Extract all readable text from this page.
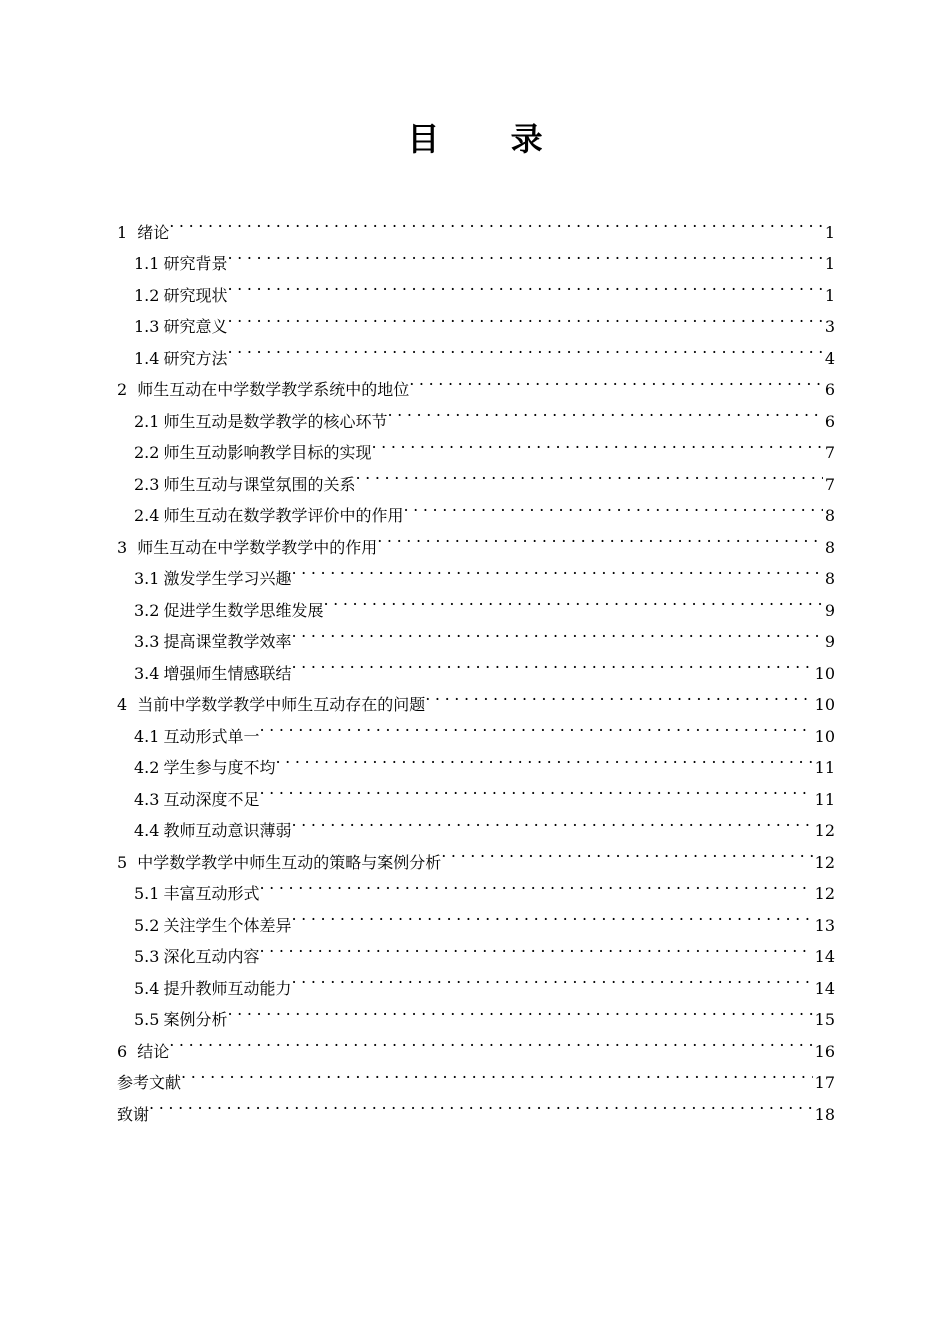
目 录
1 绪论 .....	1
1.1 研究背景 .....	1
1.2 研究现状 .....	1
1.3 研究意义 .....	3
1.4 研究方法 .....	4
2 师生互动在中学数学教学系统中的地位 .....	6
2.1 师生互动是数学教学的核心环节 .....	6
2.2 师生互动影响教学目标的实现 .....	7
2.3 师生互动与课堂氛围的关系 .....	7
2.4 师生互动在数学教学评价中的作用 .....	8
3 师生互动在中学数学教学中的作用 .....	8
3.1 激发学生学习兴趣 .....	8
3.2 促进学生数学思维发展 .....	9
3.3 提高课堂教学效率 .....	9
3.4 增强师生情感联结 .....	10
4 当前中学数学教学中师生互动存在的问题 .....	10
4.1 互动形式单一 .....	10
4.2 学生参与度不均 .....	11
4.3 互动深度不足 .....	11
4.4 教师互动意识薄弱 .....	12
5 中学数学教学中师生互动的策略与案例分析 .....	12
5.1 丰富互动形式 .....	12
5.2 关注学生个体差异 .....	13
5.3 深化互动内容 .....	14
5.4 提升教师互动能力 .....	14
5.5 案例分析 .....	15
6 结论 .....	16
参考文献 .....	17
致谢 .....	18
